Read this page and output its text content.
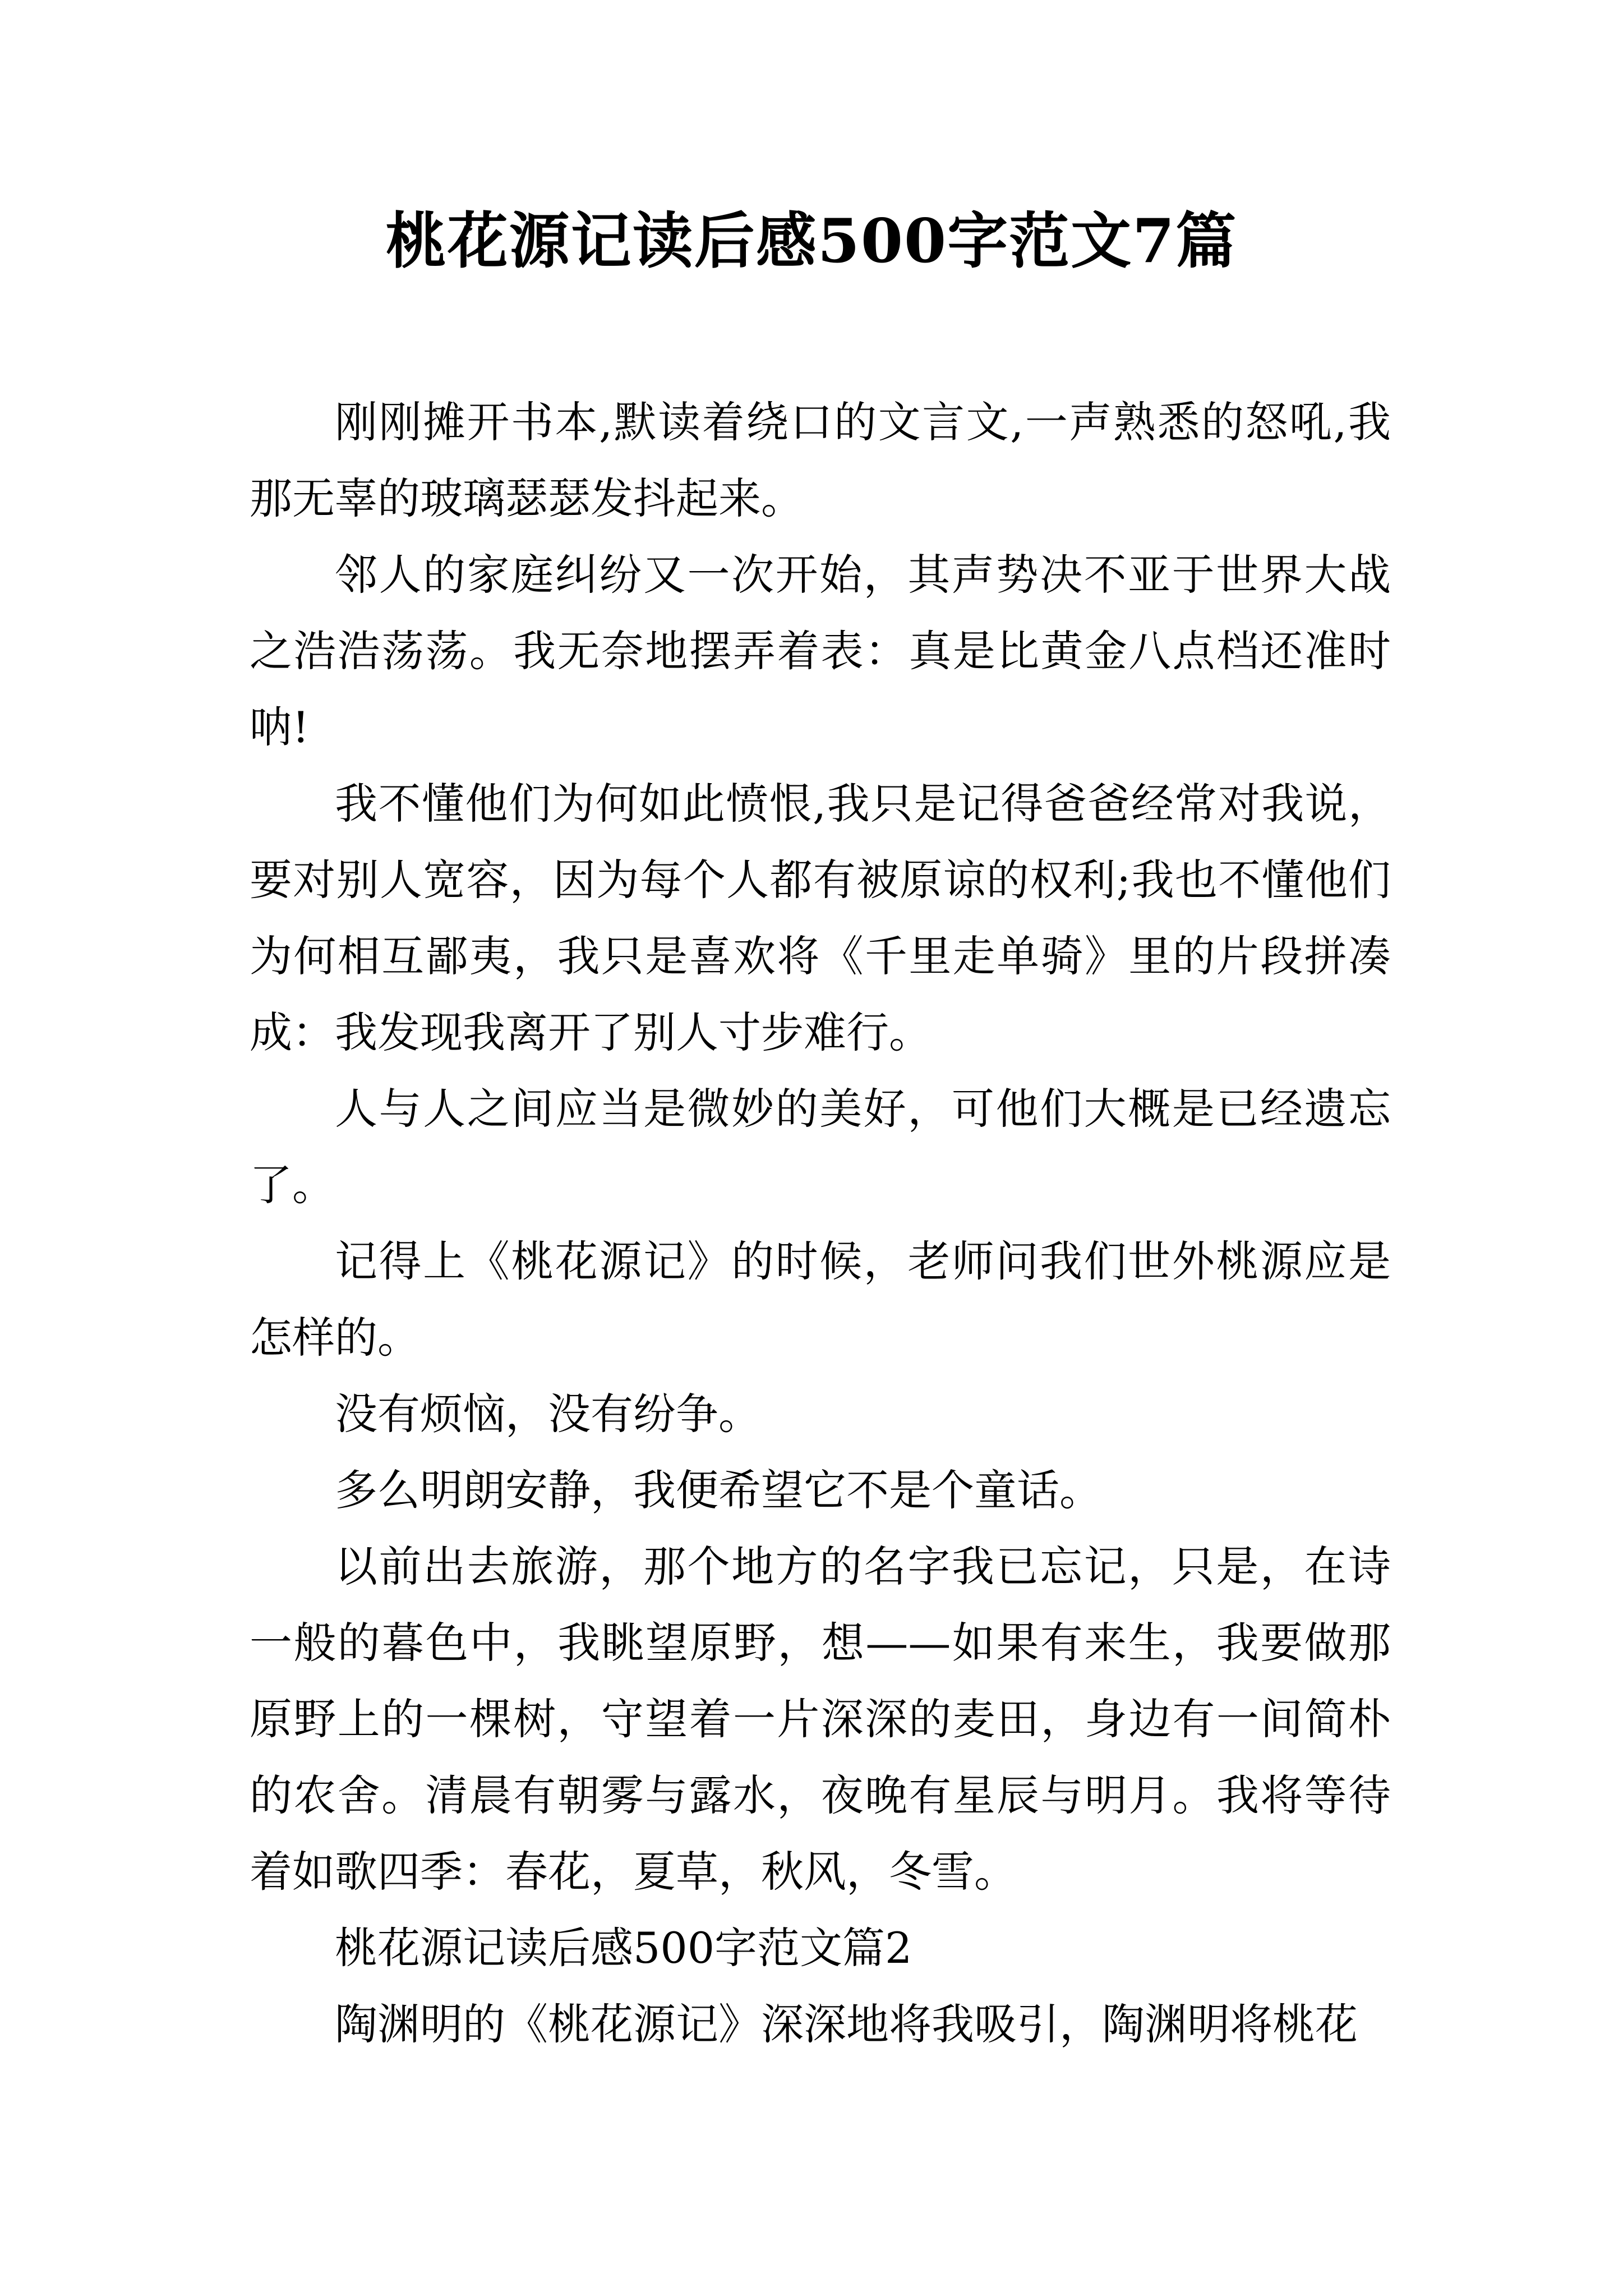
桃花源记读后感500字范文7篇

刚刚摊开书本,默读着绕口的文言文,一声熟悉的怒吼,我那无辜的玻璃瑟瑟发抖起来。

邻人的家庭纠纷又一次开始，其声势决不亚于世界大战之浩浩荡荡。我无奈地摆弄着表：真是比黄金八点档还准时呐!

我不懂他们为何如此愤恨,我只是记得爸爸经常对我说，要对别人宽容，因为每个人都有被原谅的权利;我也不懂他们为何相互鄙夷，我只是喜欢将《千里走单骑》里的片段拼凑成：我发现我离开了别人寸步难行。

人与人之间应当是微妙的美好，可他们大概是已经遗忘了。

记得上《桃花源记》的时候，老师问我们世外桃源应是怎样的。

没有烦恼，没有纷争。

多么明朗安静，我便希望它不是个童话。

以前出去旅游，那个地方的名字我已忘记，只是，在诗一般的暮色中，我眺望原野，想——如果有来生，我要做那原野上的一棵树，守望着一片深深的麦田，身边有一间简朴的农舍。清晨有朝雾与露水，夜晚有星辰与明月。我将等待着如歌四季：春花，夏草，秋风，冬雪。

桃花源记读后感500字范文篇2

陶渊明的《桃花源记》深深地将我吸引，陶渊明将桃花
